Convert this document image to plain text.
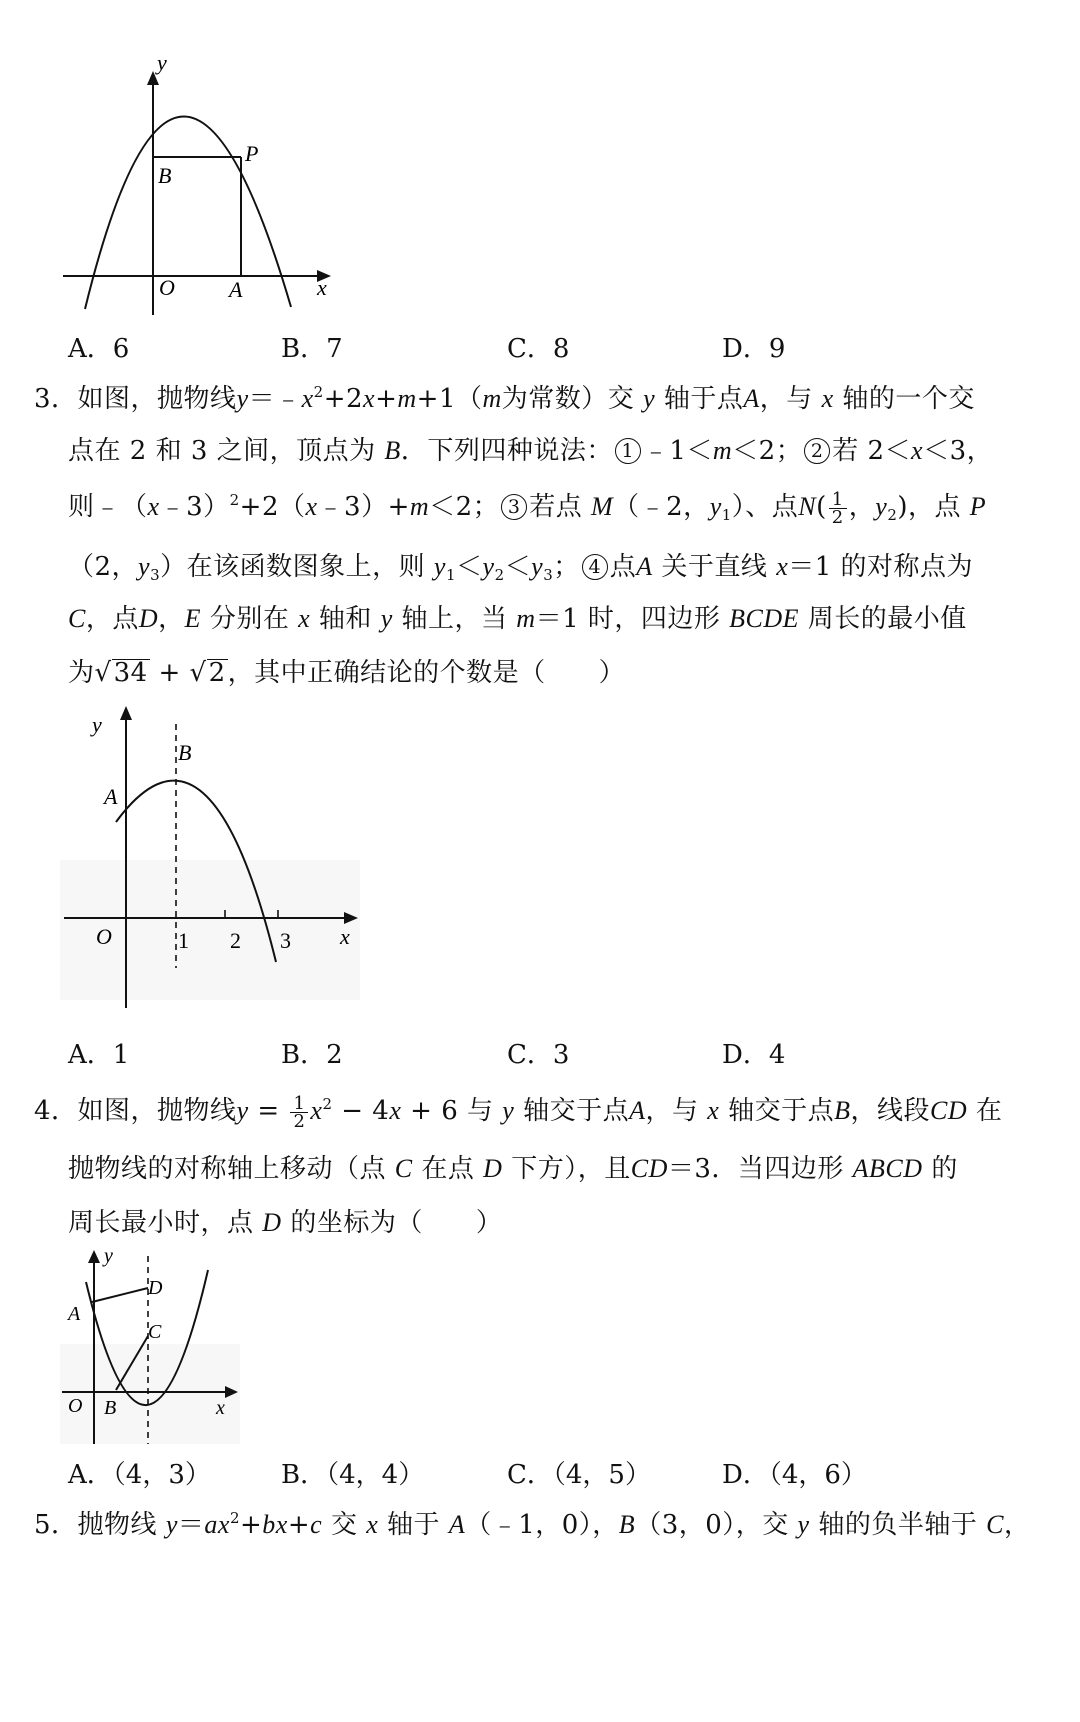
y
x
O A
B
P
A．6	B．7	C．8	D．9
3．如图，抛物线$y=﹣x^2+2x+m+1(m$为常数）交 y 轴于点A，与 x 轴的一个交
点在 2 和 3 之间，顶点为 B．下列四种说法： 1 ﹣1＜m＜2； 2 若 2＜x＜3，
则﹣（x﹣3）$^2$+2（x﹣3）+m＜2； 3 若点 M（﹣2，$y_1$）、点$N( \frac{1}{2}$ ，$y_2$)，点 P
（2，$y_3$）在该函数图象上，则 $y_1<y_2<y_3$； 4 点A 关于直线 x＝1 的对称点为
C，点D，E 分别在 x 轴和 y 轴上，当 m＝1 时，四边形 BCDE 周长的最小值
为√34 + √2，其中正确结论的个数是（　　）
y
A
B
O	1 2 3 x
A．1	B．2	C．3	D．4
4．如图，抛物线$y = \frac{1}{2} x^2 - 4x + 6$ 与 y 轴交于点A，与 x 轴交于点B，线段CD 在
抛物线的对称轴上移动（点 C 在点 D 下方），且CD＝3．当四边形 ABCD 的
周长最小时，点 D 的坐标为（　　）
y
D
A
C
O B	x
A．（4，3）	B．（4，4）	C．（4，5）	D．（4，6）
5．抛物线 $y=ax^2+bx+c$ 交 x 轴于 A（﹣1，0），B（3，0），交 y 轴的负半轴于 C，
